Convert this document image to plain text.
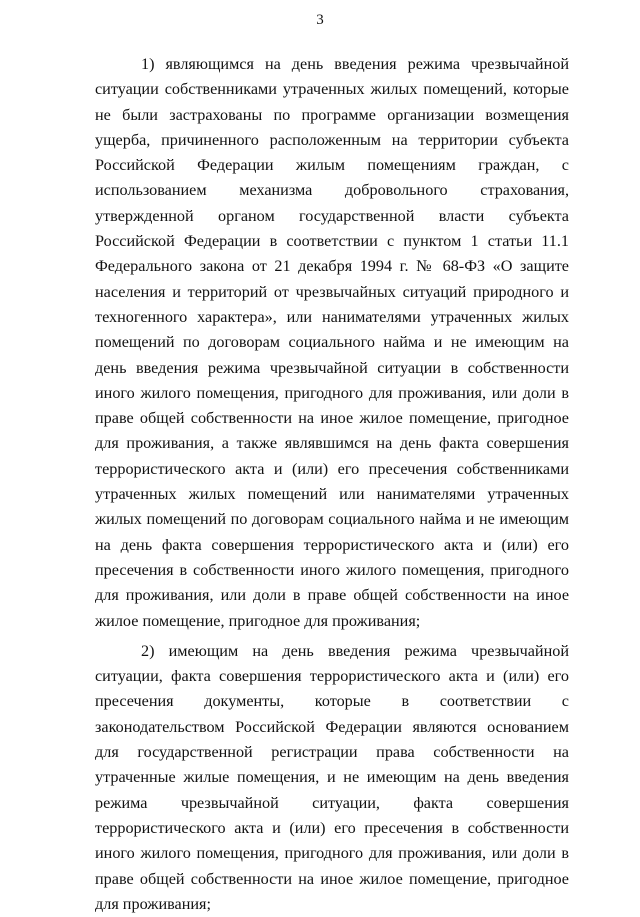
3

1) являющимся на день введения режима чрезвычайной ситуации собственниками утраченных жилых помещений, которые не были застрахованы по программе организации возмещения ущерба, причиненного расположенным на территории субъекта Российской Федерации жилым помещениям граждан, с использованием механизма добровольного страхования, утвержденной органом государственной власти субъекта Российской Федерации в соответствии с пунктом 1 статьи 11.1 Федерального закона от 21 декабря 1994 г. № 68-ФЗ «О защите населения и территорий от чрезвычайных ситуаций природного и техногенного характера», или нанимателями утраченных жилых помещений по договорам социального найма и не имеющим на день введения режима чрезвычайной ситуации в собственности иного жилого помещения, пригодного для проживания, или доли в праве общей собственности на иное жилое помещение, пригодное для проживания, а также являвшимся на день факта совершения террористического акта и (или) его пресечения собственниками утраченных жилых помещений или нанимателями утраченных жилых помещений по договорам социального найма и не имеющим на день факта совершения террористического акта и (или) его пресечения в собственности иного жилого помещения, пригодного для проживания, или доли в праве общей собственности на иное жилое помещение, пригодное для проживания;

2) имеющим на день введения режима чрезвычайной ситуации, факта совершения террористического акта и (или) его пресечения документы, которые в соответствии с законодательством Российской Федерации являются основанием для государственной регистрации права собственности на утраченные жилые помещения, и не имеющим на день введения режима чрезвычайной ситуации, факта совершения террористического акта и (или) его пресечения в собственности иного жилого помещения, пригодного для проживания, или доли в праве общей собственности на иное жилое помещение, пригодное для проживания;
